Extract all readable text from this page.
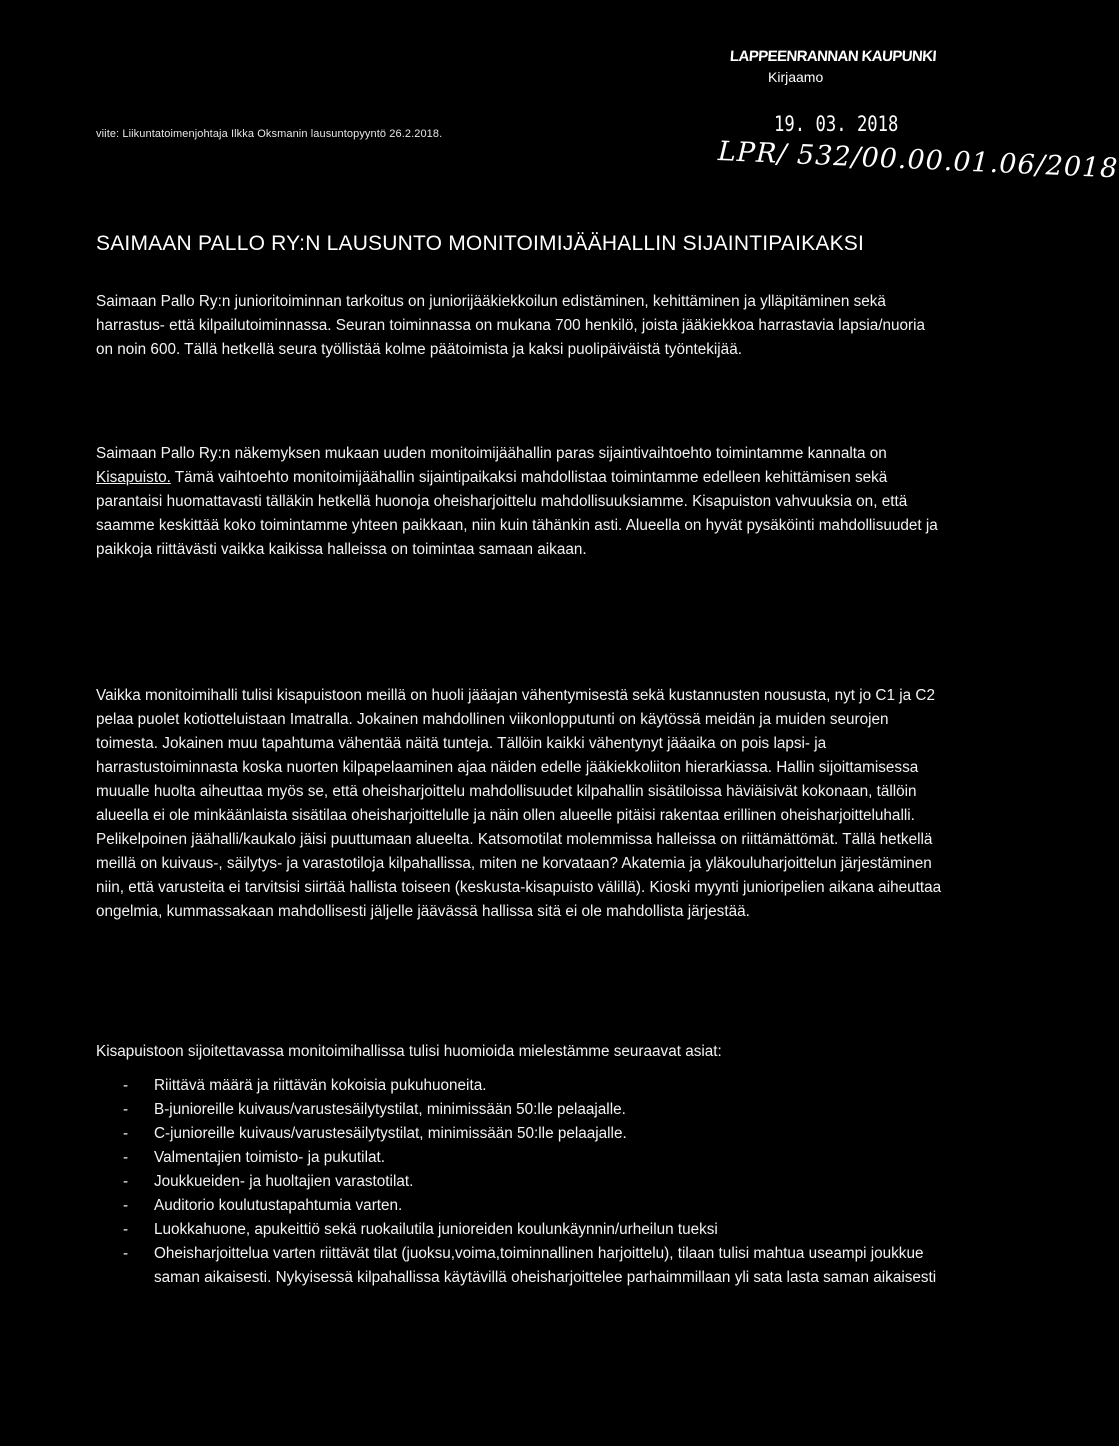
viite: Liikuntatoimenjohtaja Ilkka Oksmanin lausuntopyyntö 26.2.2018.
LAPPEENRANNAN KAUPUNKI
Kirjaamo
19. 03. 2018
LPR/ 532/00.00.01.06/2018
SAIMAAN PALLO RY:N LAUSUNTO MONITOIMIJÄÄHALLIN SIJAINTIPAIKAKSI

Saimaan Pallo Ry:n junioritoiminnan tarkoitus on juniorijääkiekkoilun edistäminen, kehittäminen ja ylläpitäminen sekä harrastus- että kilpailutoiminnassa. Seuran toiminnassa on mukana 700 henkilö, joista jääkiekkoa harrastavia lapsia/nuoria on noin 600. Tällä hetkellä seura työllistää kolme päätoimista ja kaksi puolipäiväistä työntekijää.

Saimaan Pallo Ry:n näkemyksen mukaan uuden monitoimijäähallin paras sijaintivaihtoehto toimintamme kannalta on Kisapuisto. Tämä vaihtoehto monitoimijäähallin sijaintipaikaksi mahdollistaa toimintamme edelleen kehittämisen sekä parantaisi huomattavasti tälläkin hetkellä huonoja oheisharjoittelu mahdollisuuksiamme. Kisapuiston vahvuuksia on, että saamme keskittää koko toimintamme yhteen paikkaan, niin kuin tähänkin asti. Alueella on hyvät pysäköinti mahdollisuudet ja paikkoja riittävästi vaikka kaikissa halleissa on toimintaa samaan aikaan.

Vaikka monitoimihalli tulisi kisapuistoon meillä on huoli jääajan vähentymisestä sekä kustannusten noususta, nyt jo C1 ja C2 pelaa puolet kotiotteluistaan Imatralla. Jokainen mahdollinen viikonlopputunti on käytössä meidän ja muiden seurojen toimesta. Jokainen muu tapahtuma vähentää näitä tunteja. Tällöin kaikki vähentynyt jääaika on pois lapsi- ja harrastustoiminnasta koska nuorten kilpapelaaminen ajaa näiden edelle jääkiekkoliiton hierarkiassa. Hallin sijoittamisessa muualle huolta aiheuttaa myös se, että oheisharjoittelu mahdollisuudet kilpahallin sisätiloissa häviäisivät kokonaan, tällöin alueella ei ole minkäänlaista sisätilaa oheisharjoittelulle ja näin ollen alueelle pitäisi rakentaa erillinen oheisharjoitteluhalli. Pelikelpoinen jäähalli/kaukalo jäisi puuttumaan alueelta. Katsomotilat molemmissa halleissa on riittämättömät. Tällä hetkellä meillä on kuivaus-, säilytys- ja varastotiloja kilpahallissa, miten ne korvataan? Akatemia ja yläkouluharjoittelun järjestäminen niin, että varusteita ei tarvitsisi siirtää hallista toiseen (keskusta-kisapuisto välillä). Kioski myynti junioripelien aikana aiheuttaa ongelmia, kummassakaan mahdollisesti jäljelle jäävässä hallissa sitä ei ole mahdollista järjestää.

Kisapuistoon sijoitettavassa monitoimihallissa tulisi huomioida mielestämme seuraavat asiat:

- Riittävä määrä ja riittävän kokoisia pukuhuoneita.
- B-junioreille kuivaus/varustesäilytystilat, minimissään 50:lle pelaajalle.
- C-junioreille kuivaus/varustesäilytystilat, minimissään 50:lle pelaajalle.
- Valmentajien toimisto- ja pukutilat.
- Joukkueiden- ja huoltajien varastotilat.
- Auditorio koulutustapahtumia varten.
- Luokkahuone, apukeittiö sekä ruokailutila junioreiden koulunkäynnin/urheilun tueksi
- Oheisharjoittelua varten riittävät tilat (juoksu,voima,toiminnallinen harjoittelu), tilaan tulisi mahtua useampi joukkue saman aikaisesti. Nykyisessä kilpahallissa käytävillä oheisharjoittelee parhaimmillaan yli sata lasta saman aikaisesti
